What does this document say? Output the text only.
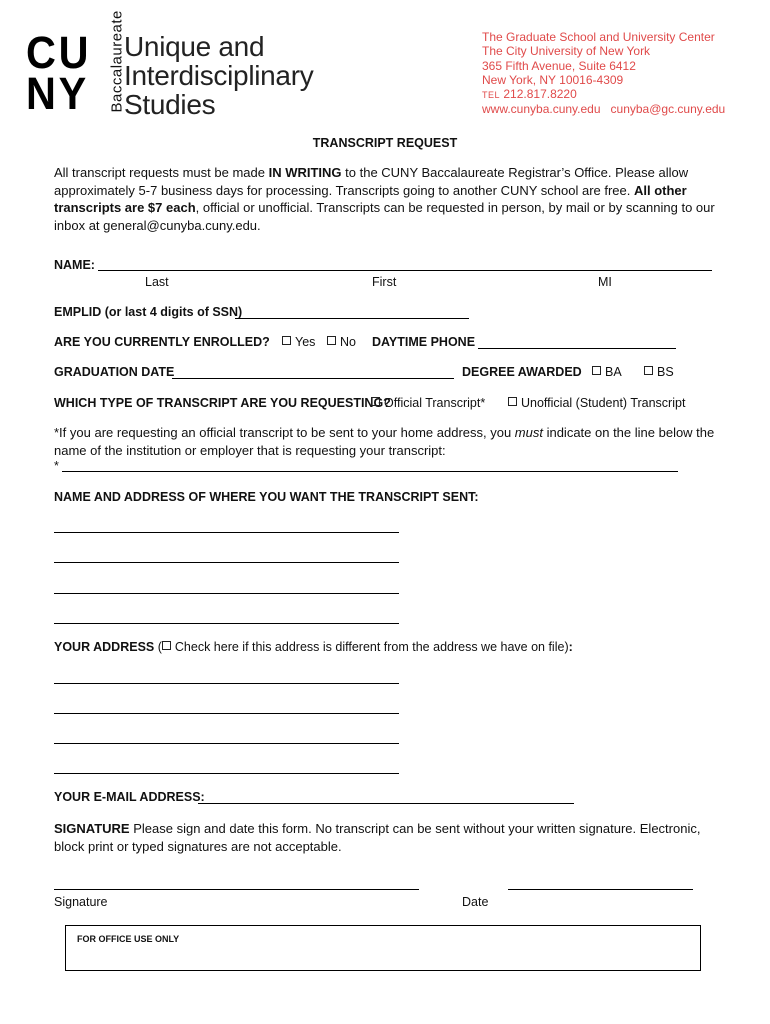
CU
NY	Baccalaureate
Unique and
Interdisciplinary
Studies
The Graduate School and University Center
The City University of New York
365 Fifth Avenue, Suite 6412
New York, NY 10016-4309
TEL 212.817.8220
www.cunyba.cuny.edu cunyba@gc.cuny.edu
TRANSCRIPT REQUEST
All transcript requests must be made IN WRITING to the CUNY Baccalaureate Registrar’s Office. Please allow approximately 5-7 business days for processing. Transcripts going to another CUNY school are free. All other transcripts are $7 each, official or unofficial. Transcripts can be requested in person, by mail or by scanning to our inbox at general@cunyba.cuny.edu.
NAME:
Last	First	MI
EMPLID (or last 4 digits of SSN)
ARE YOU CURRENTLY ENROLLED?	Yes	No DAYTIME PHONE
GRADUATION DATE	DEGREE AWARDED	BA	BS
WHICH TYPE OF TRANSCRIPT ARE YOU REQUESTING?
Official Transcript*	Unofficial (Student) Transcript
*If you are requesting an official transcript to be sent to your home address, you must indicate on the line below the name of the institution or employer that is requesting your transcript:
*
NAME AND ADDRESS OF WHERE YOU WANT THE TRANSCRIPT SENT:
YOUR ADDRESS ( Check here if this address is different from the address we have on file):
YOUR E-MAIL ADDRESS:
SIGNATURE Please sign and date this form. No transcript can be sent without your written signature. Electronic, block print or typed signatures are not acceptable.
Signature	Date
FOR OFFICE USE ONLY
